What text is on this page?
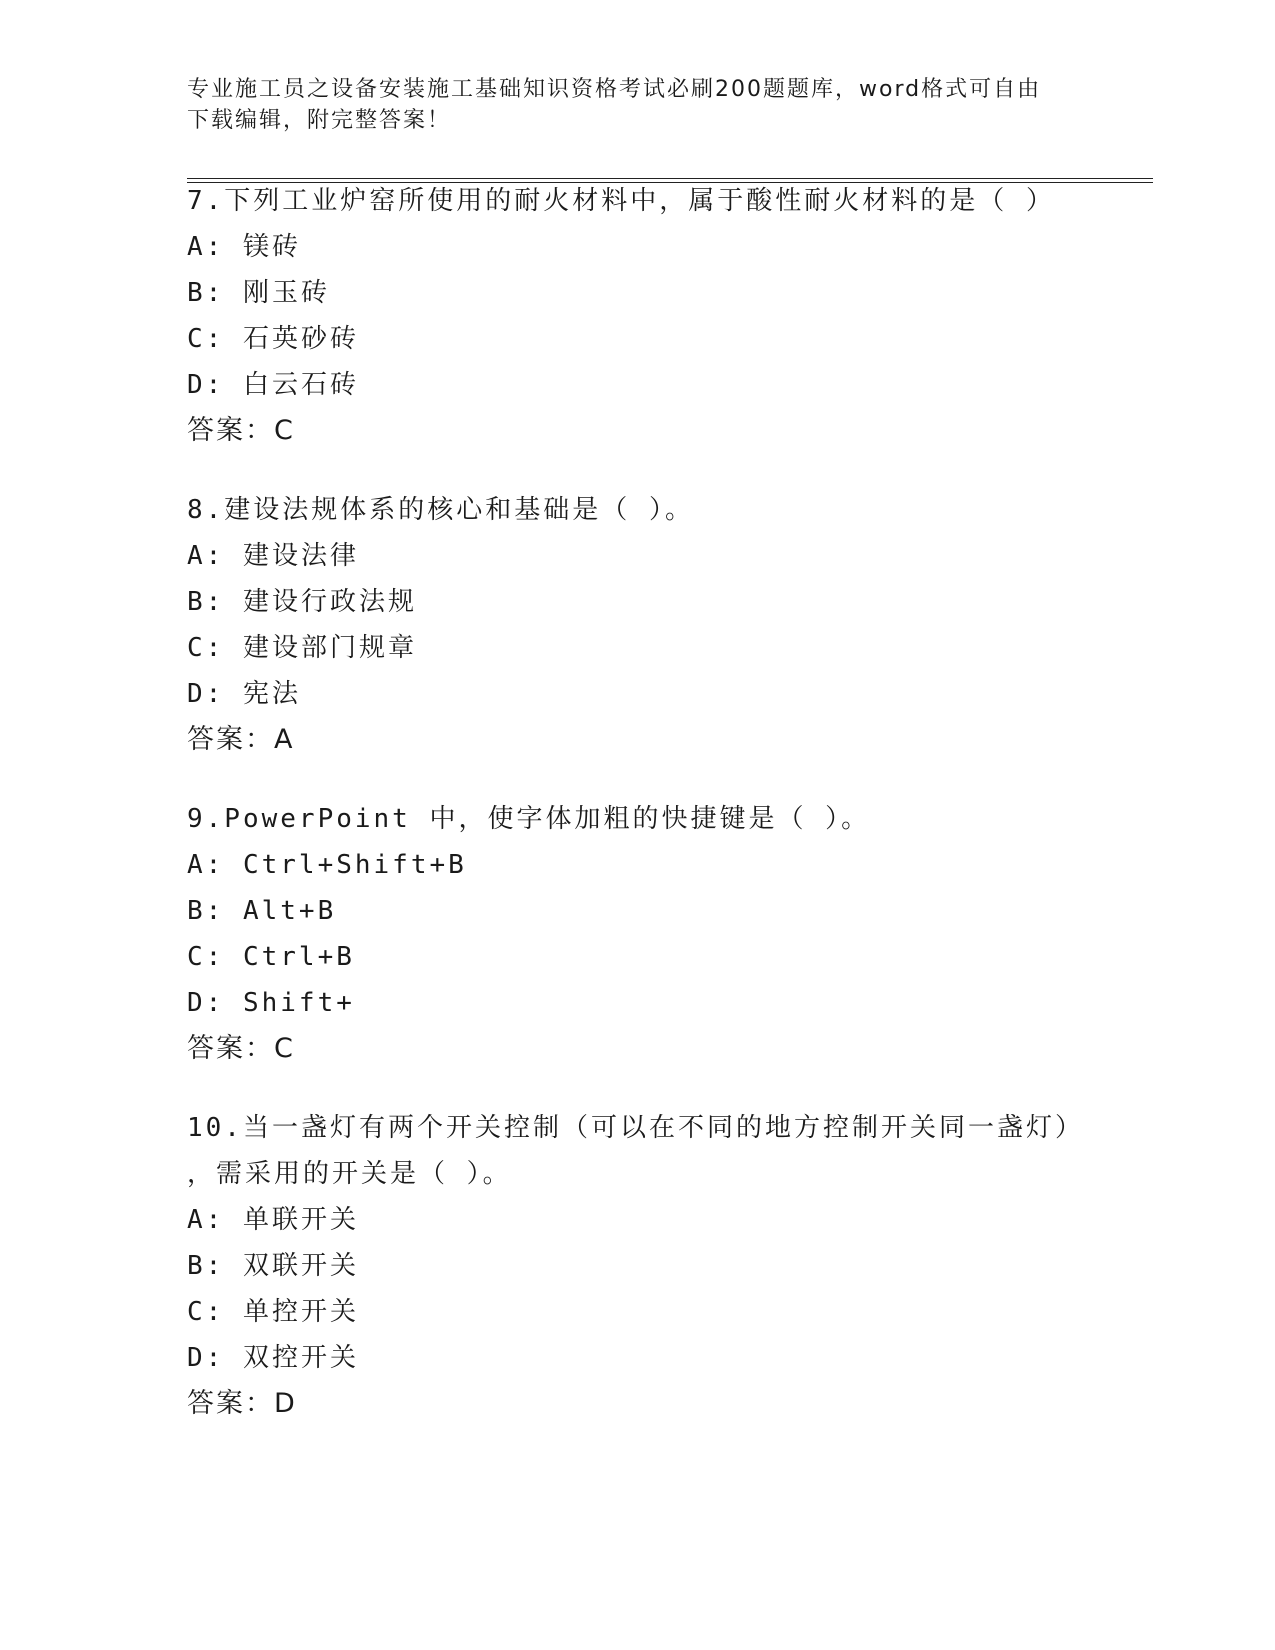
专业施工员之设备安装施工基础知识资格考试必刷200题题库，word格式可自由
下载编辑，附完整答案！
7.下列工业炉窑所使用的耐火材料中，属于酸性耐火材料的是（ ）
A: 镁砖
B: 刚玉砖
C: 石英砂砖
D: 白云石砖
答案：C
8.建设法规体系的核心和基础是（ ）。
A: 建设法律
B: 建设行政法规
C: 建设部门规章
D: 宪法
答案：A
9.PowerPoint 中，使字体加粗的快捷键是（ ）。
A: Ctrl+Shift+B
B: Alt+B
C: Ctrl+B
D: Shift+
答案：C
10.当一盏灯有两个开关控制（可以在不同的地方控制开关同一盏灯）
，需采用的开关是（ ）。
A: 单联开关
B: 双联开关
C: 单控开关
D: 双控开关
答案：D
